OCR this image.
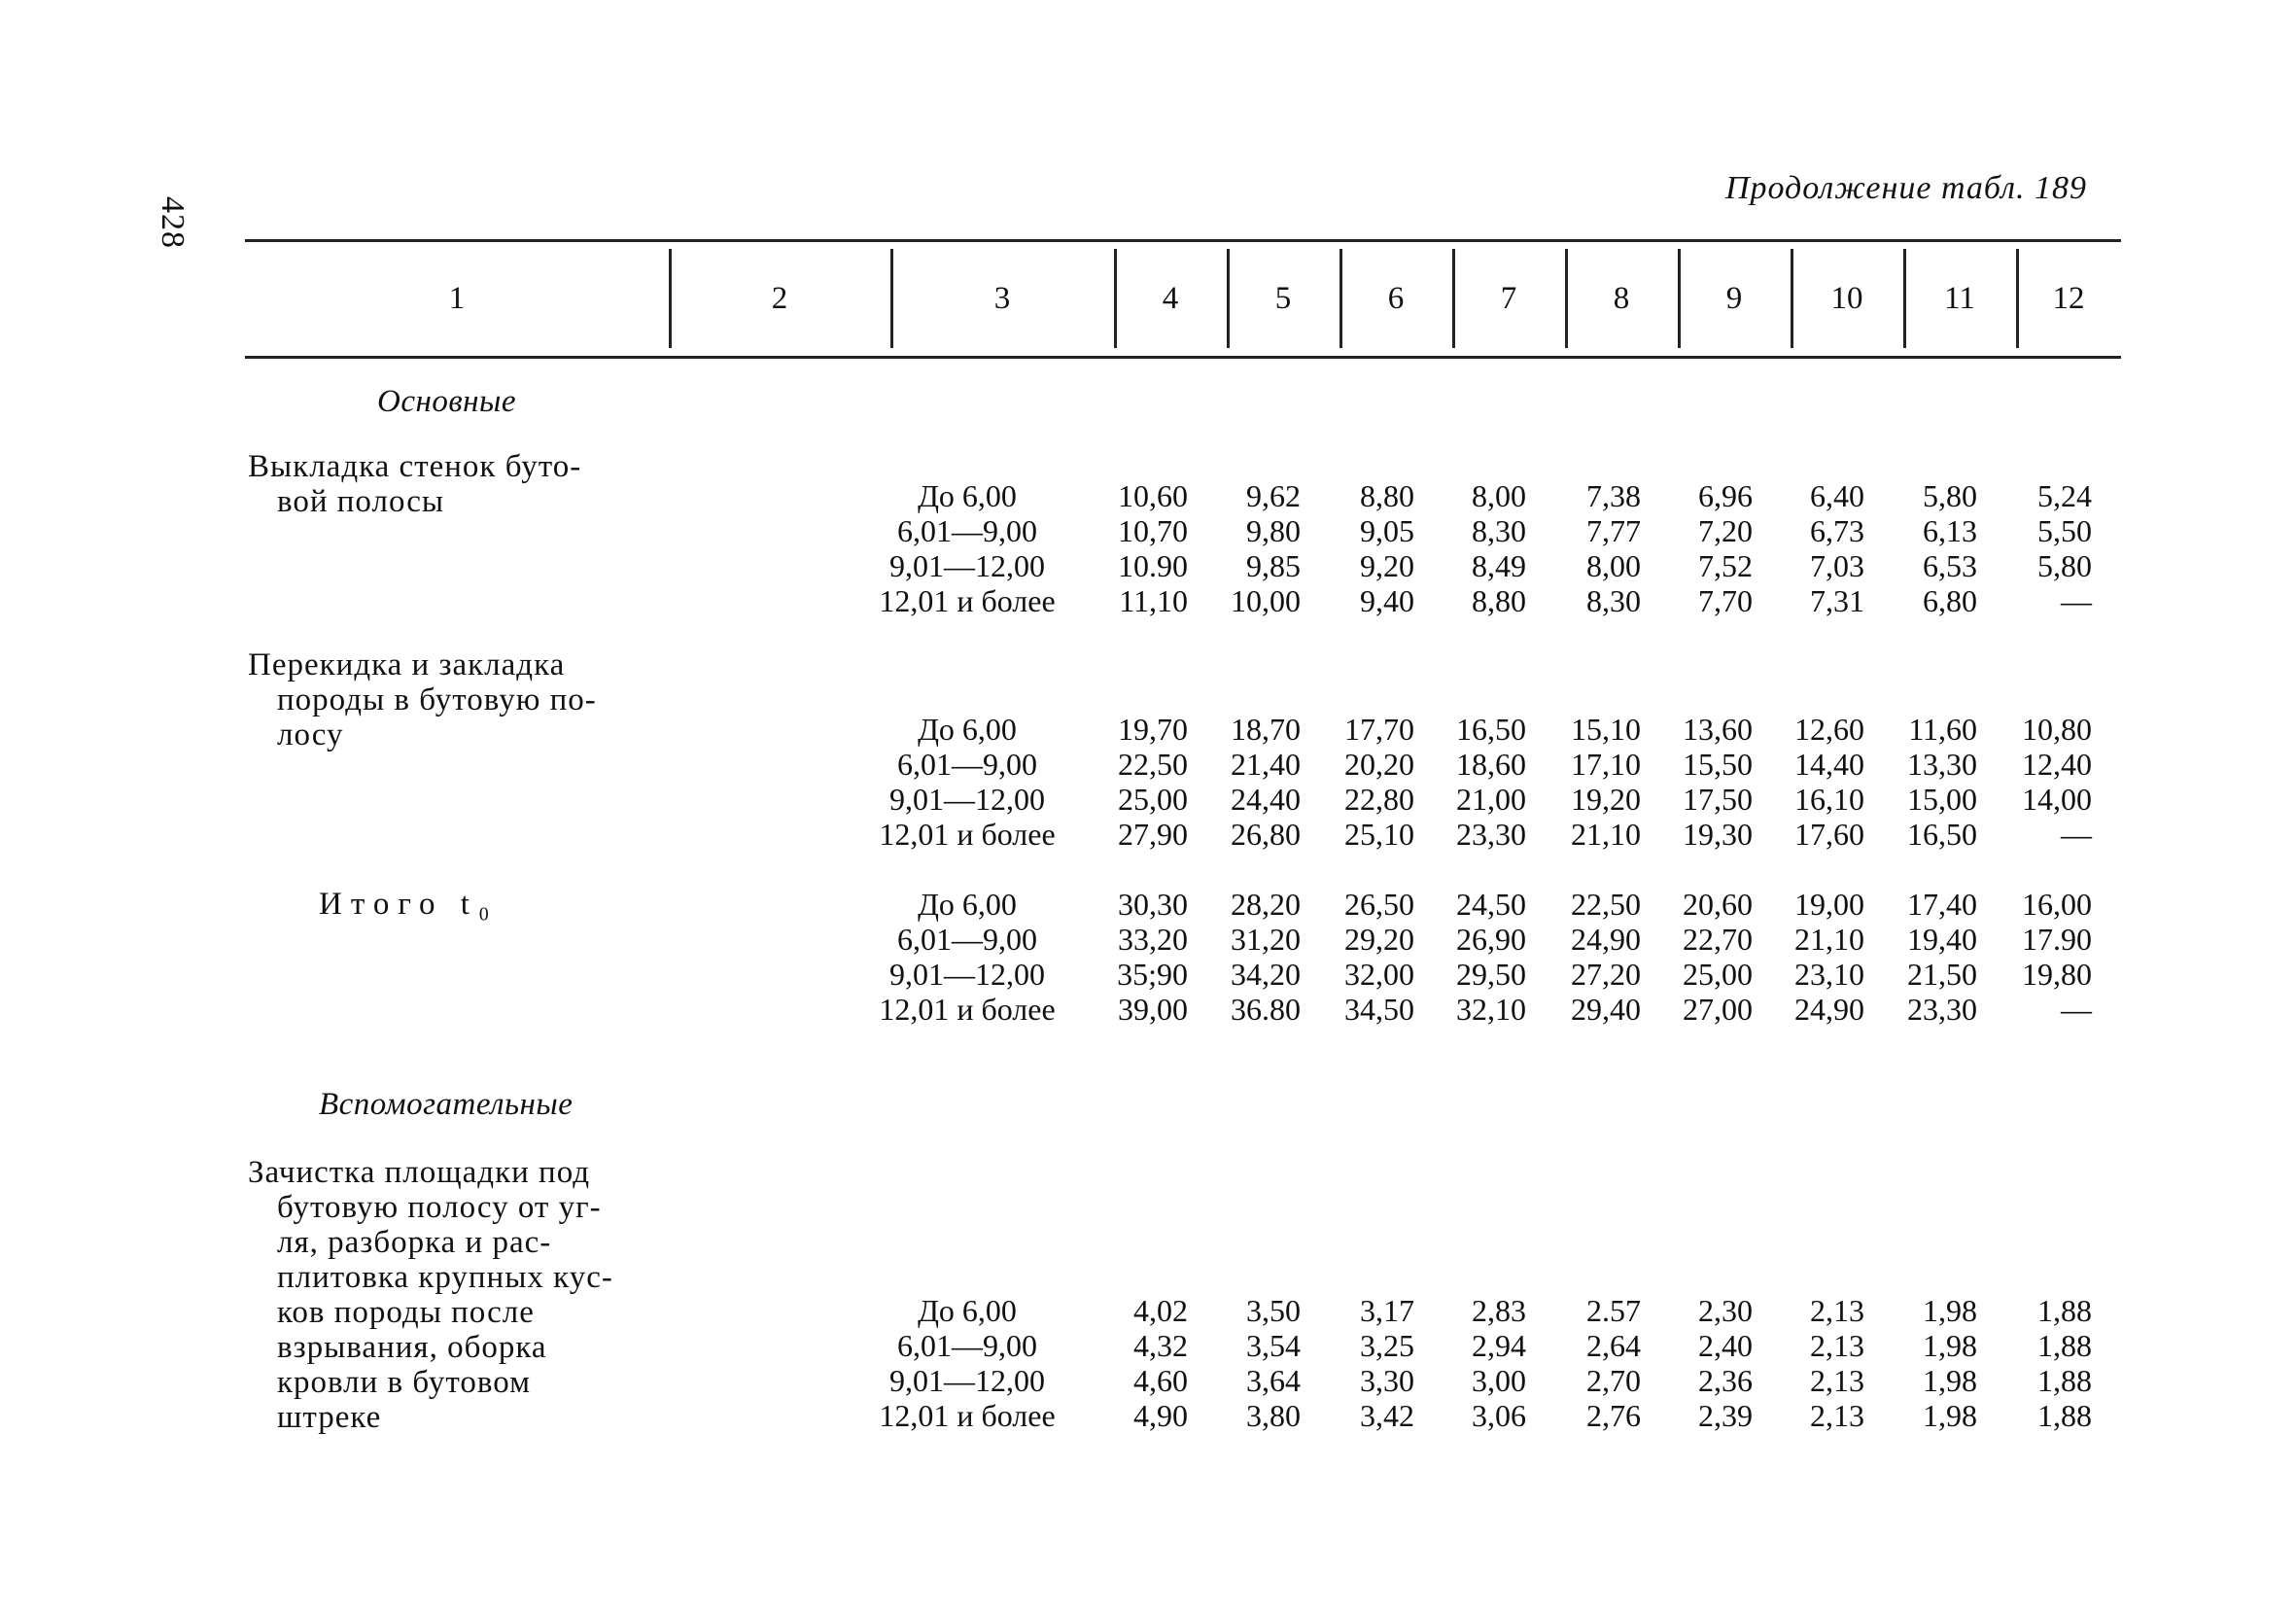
428
Продолжение табл. 189
1	2	3	4	5	6	7	8	9	10	11	12
Основные
Выкладка стенок буто-
вой полосы	До 6,00	10,60	9,62	8,80	8,00	7,38	6,96	6,40	5,80	5,24
6,01—9,00	10,70	9,80	9,05	8,30	7,77	7,20	6,73	6,13	5,50
9,01—12,00	10.90	9,85	9,20	8,49	8,00	7,52	7,03	6,53	5,80
12,01 и более	11,10 10,00	9,40	8,80	8,30	7,70	7,31	6,80	—
Перекидка и закладка
породы в бутовую по-
лосу	До 6,00	19,70 18,70 17,70 16,50 15,10 13,60 12,60 11,60 10,80
6,01—9,00	22,50 21,40 20,20 18,60 17,10 15,50 14,40 13,30 12,40
9,01—12,00	25,00 24,40 22,80 21,00 19,20 17,50 16,10 15,00 14,00
12,01 и более	27,90 26,80 25,10 23,30 21,10 19,30 17,60 16,50	—
Итого t₀	До 6,00	30,30 28,20 26,50 24,50 22,50 20,60 19,00 17,40 16,00
6,01—9,00	33,20 31,20 29,20 26,90 24,90 22,70 21,10 19,40 17.90
9,01—12,00	35;90 34,20 32,00 29,50 27,20 25,00 23,10 21,50 19,80
12,01 и более	39,00 36.80 34,50 32,10 29,40 27,00 24,90 23,30	—
Вспомогательные
Зачистка площадки под
бутовую полосу от уг-
ля, разборка и рас-
плитовка крупных кус-
ков породы после
взрывания, оборка
кровли в бутовом
штреке
До 6,00	4,02	3,50	3,17	2,83	2.57	2,30	2,13	1,98	1,88
6,01—9,00	4,32	3,54	3,25	2,94	2,64	2,40	2,13	1,98	1,88
9,01—12,00	4,60	3,64	3,30	3,00	2,70	2,36	2,13	1,98	1,88
12,01 и более	4,90	3,80	3,42	3,06	2,76	2,39	2,13	1,98	1,88
